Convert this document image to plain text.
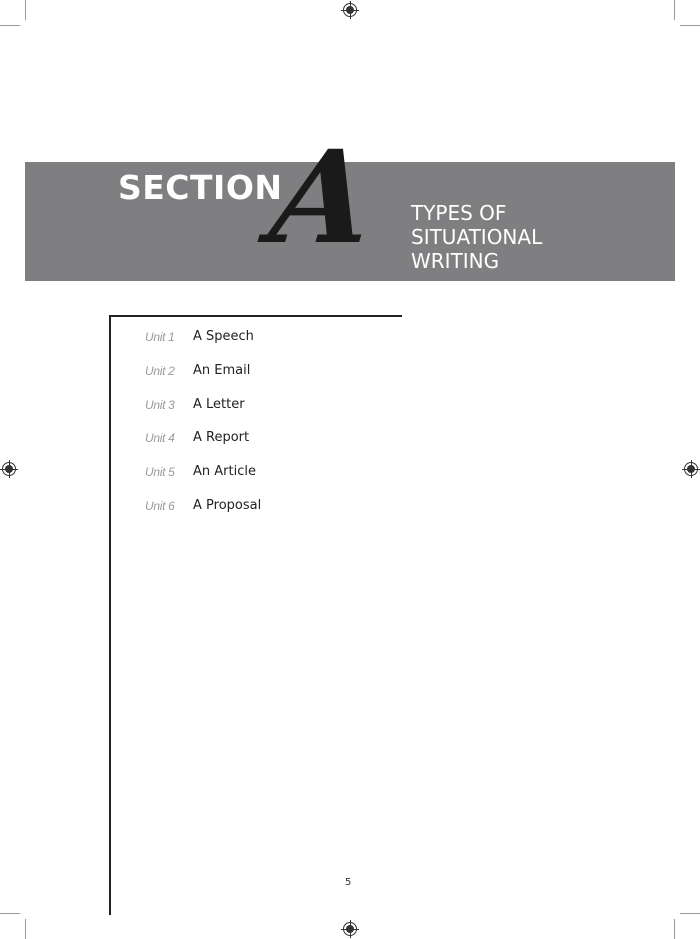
SECTION
A TYPES OF
SITUATIONAL
WRITING
Unit 1	A Speech
Unit 2	An Email
Unit 3	A Letter
Unit 4	A Report
Unit 5	An Article
Unit 6	A Proposal
5
